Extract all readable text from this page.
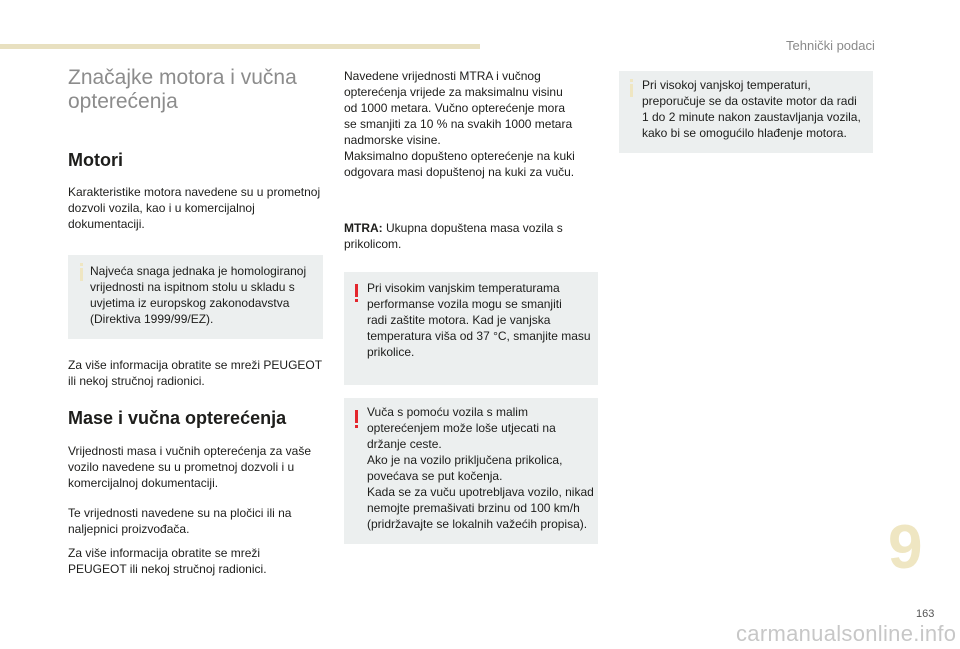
Tehnički podaci
Značajke motora i vučna
opterećenja
Motori
Karakteristike motora navedene su u prometnoj
dozvoli vozila, kao i u komercijalnoj dokumentaciji.
Najveća snaga jednaka je homologiranoj
vrijednosti na ispitnom stolu u skladu s
uvjetima iz europskog zakonodavstva
(Direktiva 1999/99/EZ).
Za više informacija obratite se mreži PEUGEOT
ili nekoj stručnoj radionici.
Mase i vučna opterećenja
Vrijednosti masa i vučnih opterećenja za vaše
vozilo navedene su u prometnoj dozvoli i u
komercijalnoj dokumentaciji.
Te vrijednosti navedene su na pločici ili na
naljepnici proizvođača.
Za više informacija obratite se mreži
PEUGEOT ili nekoj stručnoj radionici.
Navedene vrijednosti MTRA i vučnog
opterećenja vrijede za maksimalnu visinu
od 1000 metara. Vučno opterećenje mora
se smanjiti za 10 % na svakih 1000 metara
nadmorske visine.
Maksimalno dopušteno opterećenje na kuki
odgovara masi dopuštenoj na kuki za vuču.
MTRA: Ukupna dopuštena masa vozila s
prikolicom.
Pri visokim vanjskim temperaturama
performanse vozila mogu se smanjiti
radi zaštite motora. Kad je vanjska
temperatura viša od 37 °C, smanjite masu
prikolice.
Vuča s pomoću vozila s malim
opterećenjem može loše utjecati na
držanje ceste.
Ako je na vozilo priključena prikolica,
povećava se put kočenja.
Kada se za vuču upotrebljava vozilo, nikad
nemojte premašivati brzinu od 100 km/h
(pridržavajte se lokalnih važećih propisa).
Pri visokoj vanjskoj temperaturi,
preporučuje se da ostavite motor da radi
1 do 2 minute nakon zaustavljanja vozila,
kako bi se omogućilo hlađenje motora.
9
163
carmanualsonline.info
